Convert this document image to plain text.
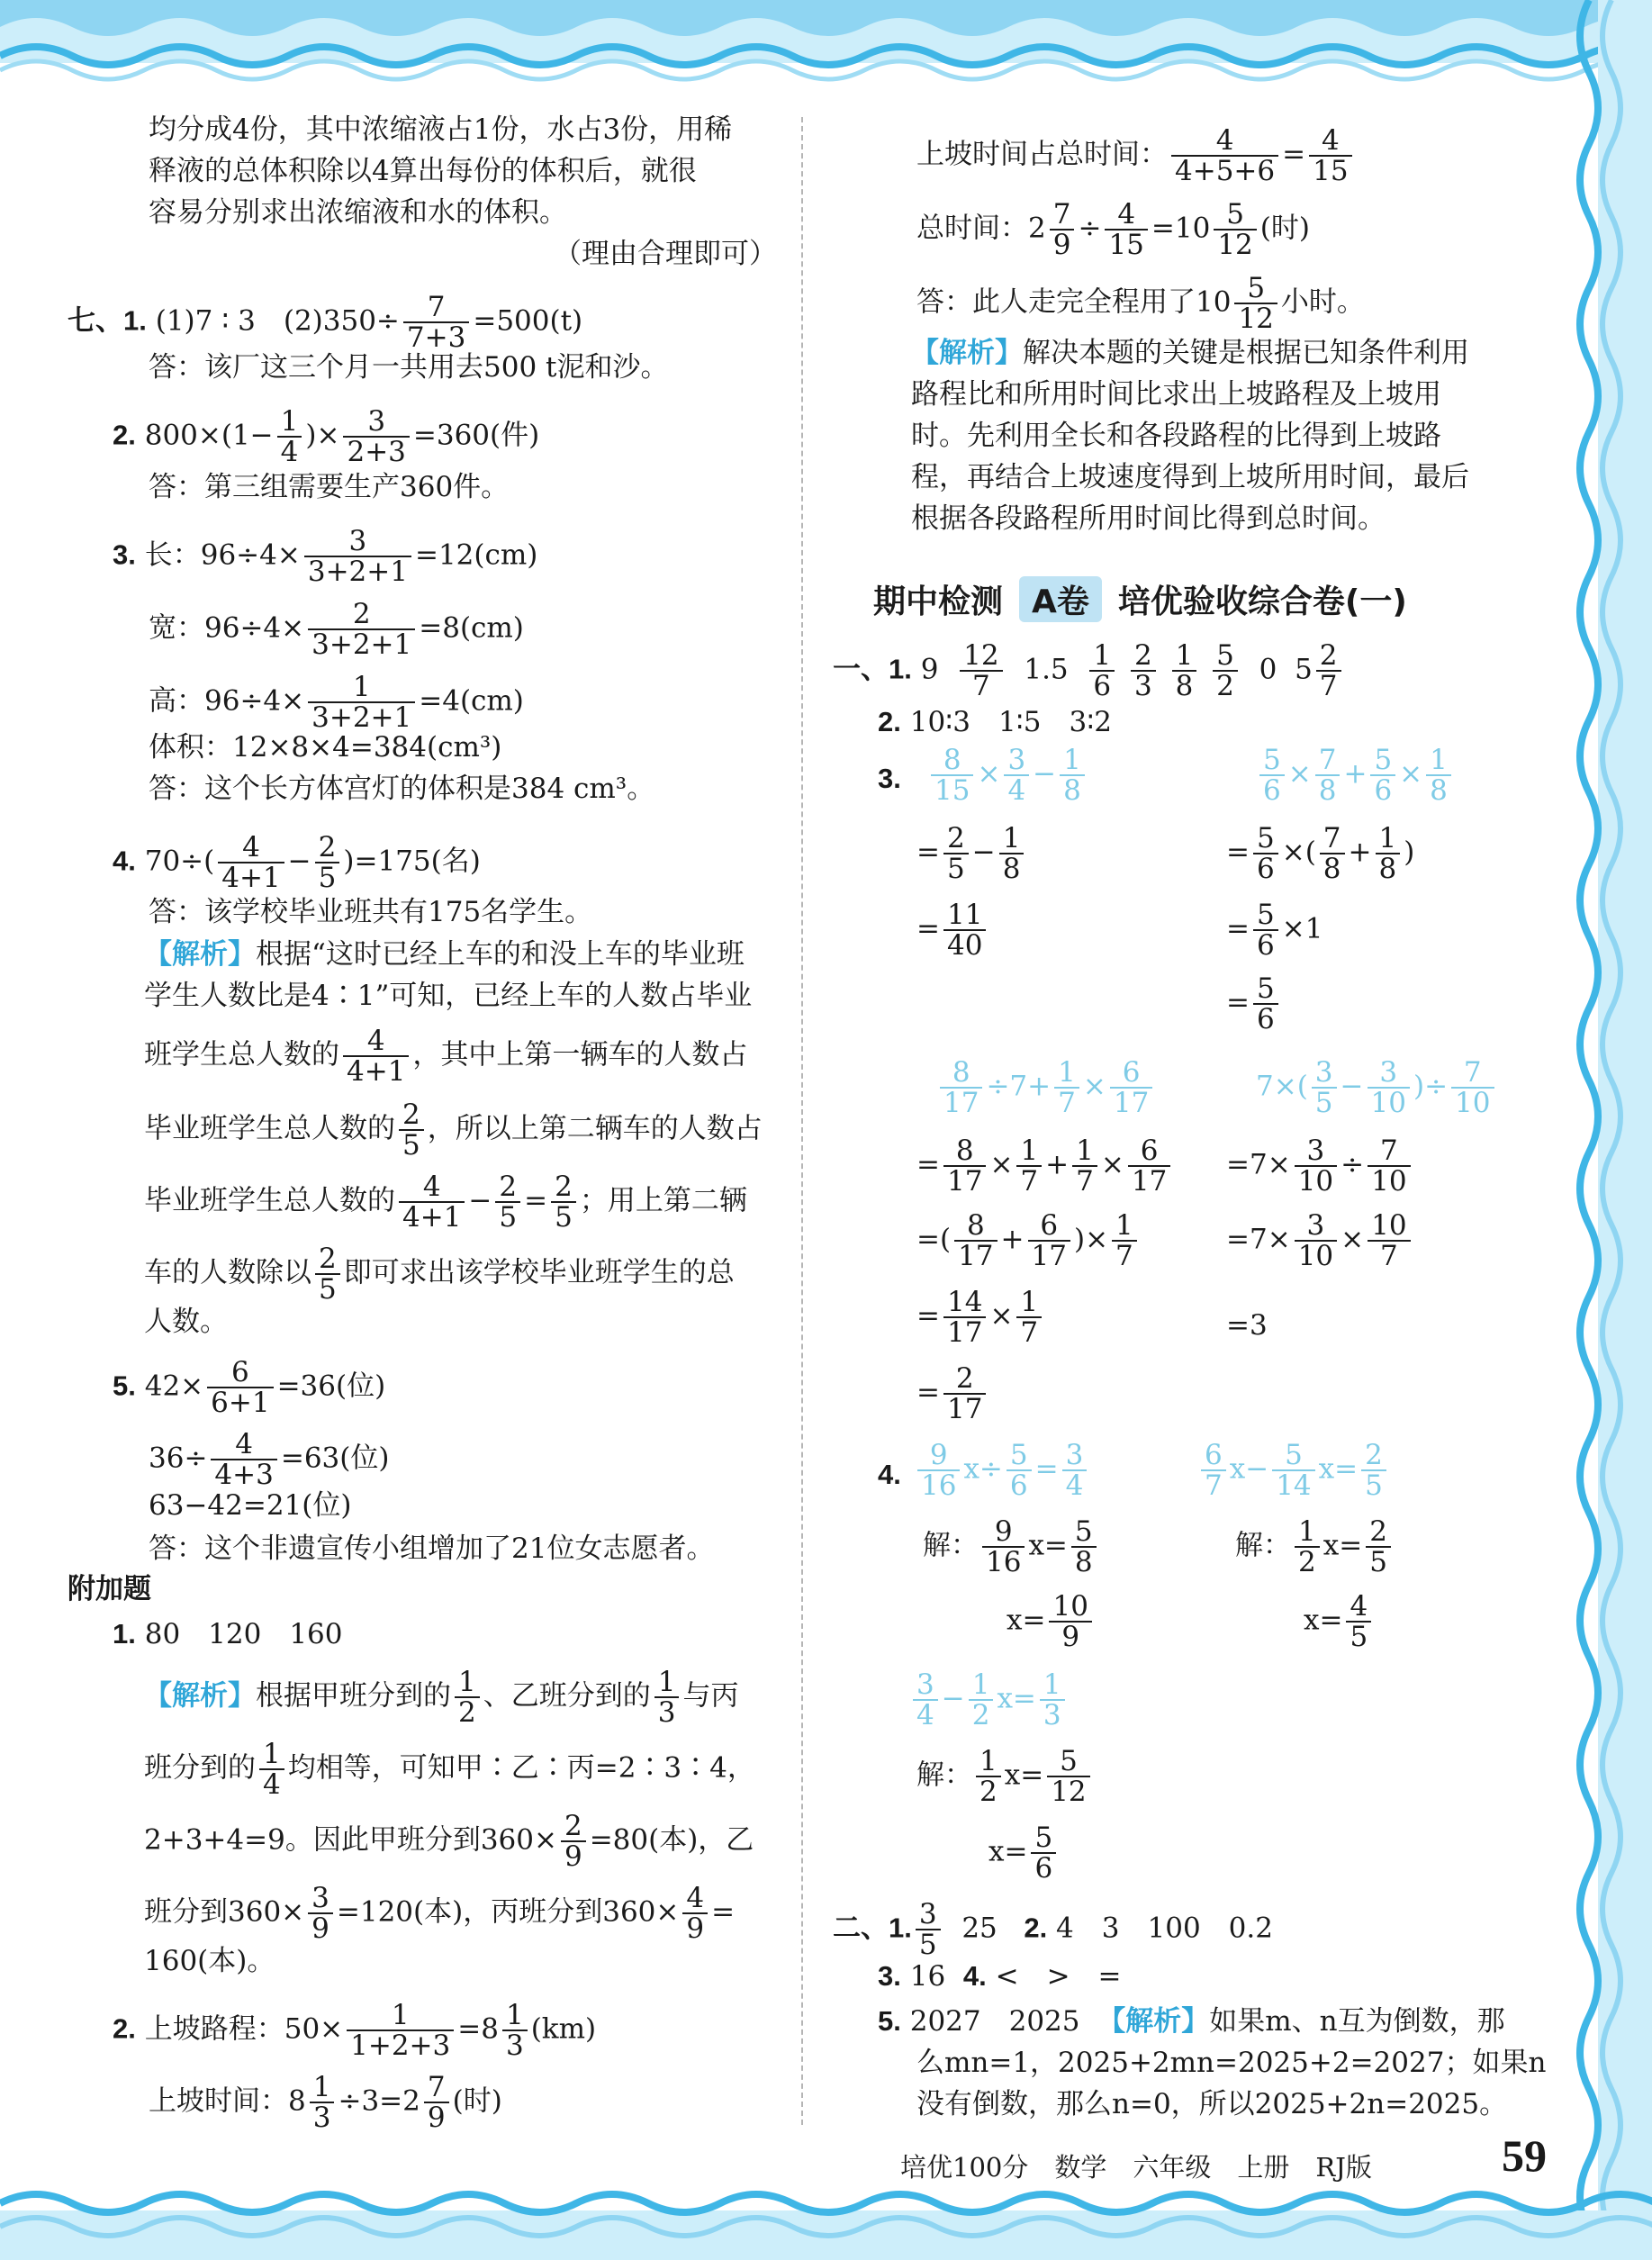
均分成4份，其中浓缩液占1份，水占3份，用稀
释液的总体积除以4算出每份的体积后，就很
容易分别求出浓缩液和水的体积。
（理由合理即可）
七、1. (1)7 ∶ 3　$(2)350\div \frac{7}{7+3} =500(t)$
答：该厂这三个月一共用去500 t泥和沙。
2. $800\times(1- \frac{1}{4}$ )× $\frac{3}{2+3} =360$(件)
答：第三组需要生产360件。
3. 长：$96\div 4\times \frac{3}{3+2+1} =12(cm)$
宽：$96\div 4\times \frac{2}{3+2+1} =8(cm)$
高：$96\div 4\times \frac{1}{3+2+1} =4(cm)$
体积：12×8×4=384(cm³)
答：这个长方体宫灯的体积是384 cm³。
4. $70\div( \frac{4}{4+1} - \frac{2}{5} )=175$(名)
答：该学校毕业班共有175名学生。
【解析】根据“这时已经上车的和没上车的毕业班
学生人数比是4∶1”可知，已经上车的人数占毕业
班学生总人数的 $\frac{4}{4+1}$ ，其中上第一辆车的人数占
毕业班学生总人数的 $\frac{2}{5}$ ，所以上第二辆车的人数占
毕业班学生总人数的 $\frac{4}{4+1} - \frac{2}{5} = \frac{2}{5}$ ；用上第二辆
车的人数除以 $\frac{2}{5}$ 即可求出该学校毕业班学生的总
人数。
5. $42\times \frac{6}{6+1} =36$(位)
$36\div \frac{4}{4+3} =63$(位)
63−42=21(位)
答：这个非遗宣传小组增加了21位女志愿者。
附加题
1. 80　120　160
【解析】根据甲班分到的 $\frac{1}{2}$ 、乙班分到的 $\frac{1}{3}$ 与丙
班分到的 $\frac{1}{4}$ 均相等，可知甲∶乙∶丙=2∶3∶4，
2+3+4=9。因此甲班分到$360\times \frac{2}{9} =80$(本)，乙
班分到$360\times \frac{3}{9} =120$(本)，丙班分到$360\times \frac{4}{9}$ =
160(本)。
2. 上坡路程：$50\times \frac{1}{1+2+3} =8 \frac{1}{3} (km)$
上坡时间：$8 \frac{1}{3} \div 3=2 \frac{7}{9}$ (时)
上坡时间占总时间： $\frac{4}{4+5+6} = \frac{4}{15}$
总时间：$2 \frac{7}{9} \div \frac{4}{15} =10 \frac{5}{12}$ (时)
答：此人走完全程用了$10 \frac{5}{12}$ 小时。
【解析】解决本题的关键是根据已知条件利用
路程比和所用时间比求出上坡路程及上坡用
时。先利用全长和各段路程的比得到上坡路
程，再结合上坡速度得到上坡所用时间，最后
根据各段路程所用时间比得到总时间。
期中检测 A卷 培优验收综合卷(一)
一、1. $9 \frac{12}{7} 1.5 \frac{1}{6}$
$\frac{2}{3}$
$\frac{1}{8}$
$\frac{5}{2} 0$ $5 \frac{2}{7}$
2. 10∶3　1∶5　3∶2
3. $\frac{8}{15} \times \frac{3}{4} - \frac{1}{8}$
= $\frac{2}{5} - \frac{1}{8}$
= $\frac{11}{40}$
$\frac{5}{6} \times \frac{7}{8} + \frac{5}{6} \times \frac{1}{8}$
= $\frac{5}{6}$ ×( $\frac{7}{8} + \frac{1}{8}$ )
= $\frac{5}{6} \times 1$
= $\frac{5}{6}$
$\frac{8}{17} \div 7+ \frac{1}{7} \times \frac{6}{17}$
= $\frac{8}{17} \times \frac{1}{7} + \frac{1}{7} \times \frac{6}{17}$
=( $\frac{8}{17} + \frac{6}{17}$ )× $\frac{1}{7}$
= $\frac{14}{17} \times \frac{1}{7}$
= $\frac{2}{17}$
$7\times( \frac{3}{5} - \frac{3}{10}$ )÷ $\frac{7}{10}$
$=7\times \frac{3}{10} \div \frac{7}{10}$
$=7\times \frac{3}{10} \times \frac{10}{7}$
=3
4. $\frac{9}{16} x\div \frac{5}{6} = \frac{3}{4}$
解： $\frac{9}{16} x= \frac{5}{8}$
$x= \frac{10}{9}$
$\frac{6}{7} x- \frac{5}{14} x= \frac{2}{5}$
解： $\frac{1}{2} x= \frac{2}{5}$
$x= \frac{4}{5}$
$\frac{3}{4} - \frac{1}{2} x= \frac{1}{3}$
解： $\frac{1}{2} x= \frac{5}{12}$
$x= \frac{5}{6}$
二、1. $\frac{3}{5} 25$ 2. 4　3　100　0.2
3. 16 4. <　>　=
5. 2027　2025 【解析】如果m、n互为倒数，那
么mn=1，2025+2mn=2025+2=2027；如果n
没有倒数，那么n=0，所以2025+2n=2025。
培优100分　数学　六年级　上册　RJ版	59
